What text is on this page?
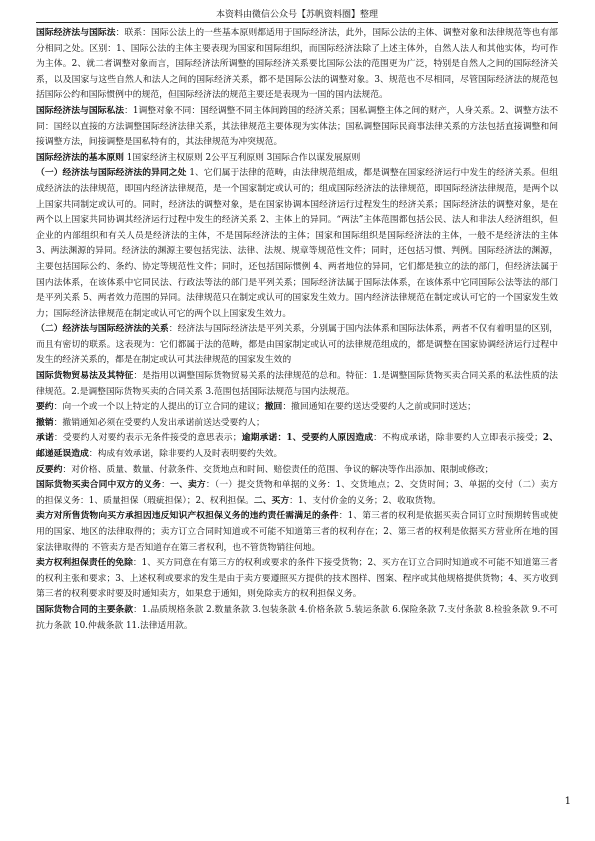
本资料由微信公众号【苏帆资料圈】整理

国际经济法与国际法：联系：国际公法上的一些基本原则都适用于国际经济法，此外，国际公法的主体、调整对象和法律规范等也有部分相同之处。区别：1、国际公法的主体主要表现为国家和国际组织，而国际经济法除了上述主体外，自然人法人和其他实体，均可作为主体。2、就二者调整对象而言，国际经济法所调整的国际经济关系要比国际公法的范围更为广泛，特别是自然人之间的国际经济关系，以及国家与这些自然人和法人之间的国际经济关系，都不是国际公法的调整对象。3、规范也不尽相同，尽管国际经济法的规范包括国际公约和国际惯例中的规范，但国际经济法的规范主要还是表现为一国的国内法规范。

国际经济法与国际私法：1调整对象不同：国经调整不同主体间跨国的经济关系；国私调整主体之间的财产，人身关系。2、调整方法不同：国经以直接的方法调整国际经济法律关系，其法律规范主要体现为实体法；国私调整国际民商事法律关系的方法包括直接调整和间接调整方法，间接调整是国私特有的，其法律规范为冲突规范。

国际经济法的基本原则 1国家经济主权原则 2公平互利原则 3国际合作以谋发展原则

（一）经济法与国际经济法的异同之处 1、它们属于法律的范畴，由法律规范组成，都是调整在国家经济运行中发生的经济关系。但组成经济法的法律规范，即国内经济法律规范，是一个国家制定或认可的；组成国际经济法的法律规范，即国际经济法律规范，是两个以上国家共同制定或认可的。同时，经济法的调整对象，是在国家协调本国经济运行过程发生的经济关系；国际经济法的调整对象，是在两个以上国家共同协调其经济运行过程中发生的经济关系 2、主体上的异同。“两法”主体范围都包括公民、法人和非法人经济组织，但企业的内部组织和有关人员是经济法的主体，不是国际经济法的主体；国家和国际组织是国际经济法的主体，一般不是经济法的主体 3、两法渊源的异同。经济法的渊源主要包括宪法、法律、法规、规章等规范性文件；同时，还包括习惯、判例。国际经济法的渊源，主要包括国际公约、条约、协定等规范性文件；同时，还包括国际惯例 4、两者地位的异同，它们都是独立的法的部门，但经济法属于国内法体系，在该体系中它同民法、行政法等法的部门是平列关系；国际经济法属于国际法体系，在该体系中它同国际公法等法的部门是平列关系 5、两者效力范围的异同。法律规范只在制定或认可的国家发生效力。国内经济法律规范在制定或认可它的一个国家发生效力；国际经济法律规范在制定或认可它的两个以上国家发生效力。

（二）经济法与国际经济法的关系：经济法与国际经济法是平列关系，分别属于国内法体系和国际法体系，两者不仅有着明显的区别，而且有密切的联系。这表现为：它们都属于法的范畴，都是由国家制定或认可的法律规范组成的，都是调整在国家协调经济运行过程中发生的经济关系的，都是在制定或认可其法律规范的国家发生效的

国际货物贸易法及其特征：是指用以调整国际货物贸易关系的法律规范的总和。特征：1.是调整国际货物买卖合同关系的私法性质的法律规范。2.是调整国际货物买卖的合同关系 3.范围包括国际法规范与国内法规范。

要约：向一个或一个以上特定的人提出的订立合同的建议；撤回：撤回通知在要约送达受要约人之前或同时送达；

撤销：撤销通知必须在受要约人发出承诺前送达受要约人；

承诺：受要约人对要约表示无条件接受的意思表示；逾期承诺：1、受要约人原因造成：不构成承诺，除非要约人立即表示接受；2、邮递延误造成：构成有效承诺，除非要约人及时表明要约失效。

反要约：对价格、质量、数量、付款条件、交货地点和时间、赔偿责任的范围、争议的解决等作出添加、限制或修改；

国际货物买卖合同中双方的义务：一、卖方：（一）提交货物和单据的义务：1、交货地点；2、交货时间；3、单据的交付（二）卖方的担保义务：1、质量担保（瑕疵担保）；2、权利担保。二、买方：1、支付价金的义务；2、收取货物。

卖方对所售货物向买方承担因违反知识产权担保义务的违约责任需满足的条件：1、第三者的权利是依据买卖合同订立时预期转售或使用的国家、地区的法律取得的；卖方订立合同时知道或不可能不知道第三者的权利存在；2、第三者的权利是依据买方营业所在地的国家法律取得的 不管卖方是否知道存在第三者权利，也不管货物销往何地。

卖方权利担保责任的免除：1、买方同意在有第三方的权利或要求的条件下接受货物；2、买方在订立合同时知道或不可能不知道第三者的权利主张和要求；3、上述权利或要求的发生是由于卖方要遵照买方提供的技术图样、图案、程序或其他规格提供货物；4、买方收到第三者的权利要求时要及时通知卖方，如果怠于通知，则免除卖方的权利担保义务。

国际货物合同的主要条款：1.品质规格条款 2.数量条款 3.包装条款 4.价格条款 5.装运条款 6.保险条款 7.支付条款 8.检验条款 9.不可抗力条款 10.仲裁条款 11.法律适用款。

1
